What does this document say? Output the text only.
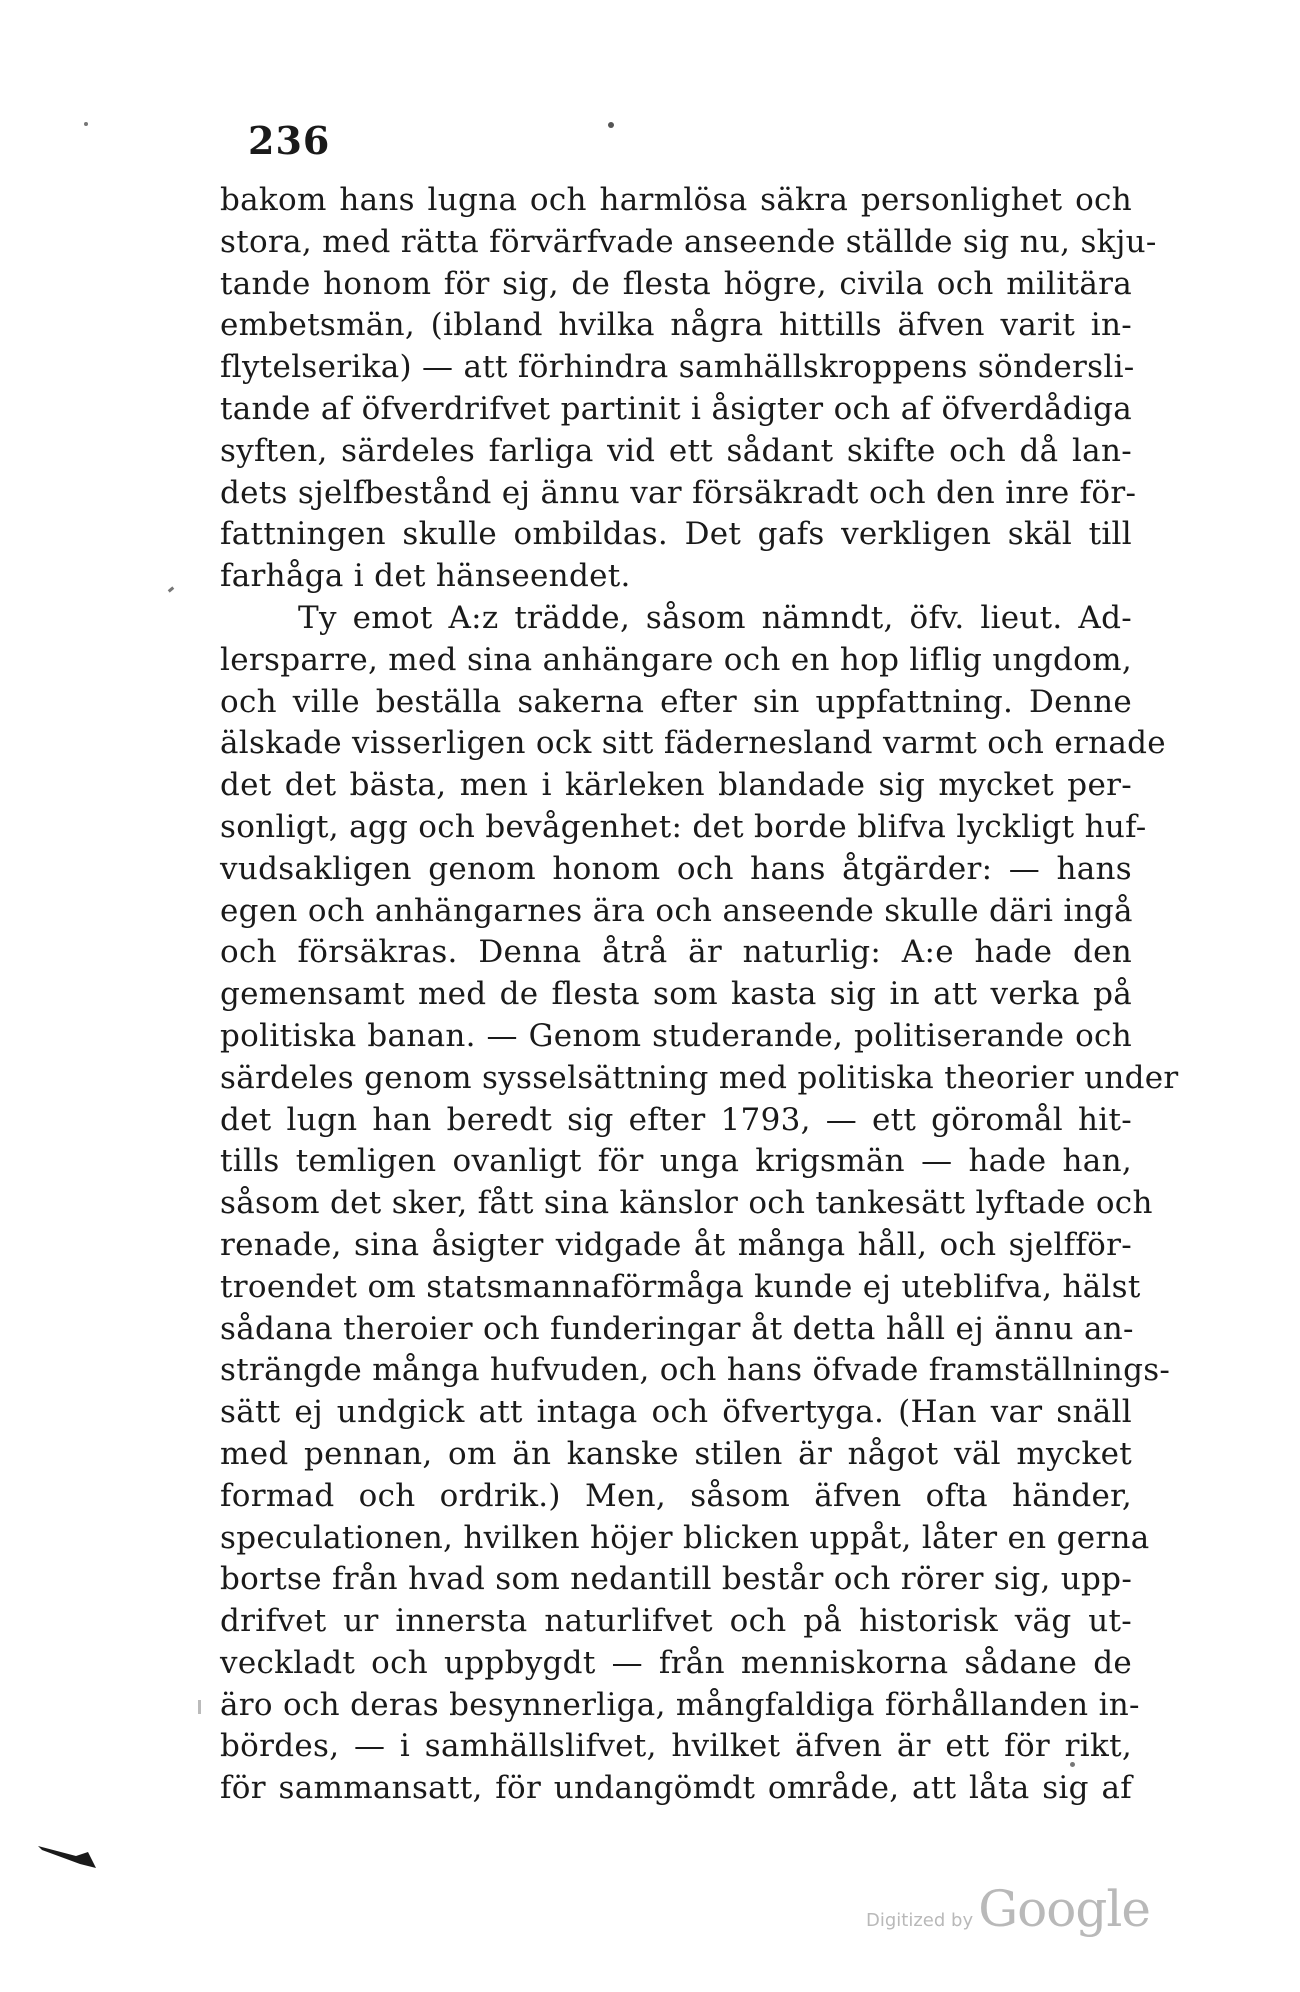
236
bakom hans lugna och harmlösa säkra personlighet och
stora, med rätta förvärfvade anseende ställde sig nu, skju-
tande honom för sig, de flesta högre, civila och militära
embetsmän, (ibland hvilka några hittills äfven varit in-
flytelserika) — att förhindra samhällskroppens söndersli-
tande af öfverdrifvet partinit i åsigter och af öfverdådiga
syften, särdeles farliga vid ett sådant skifte och då lan-
dets sjelfbestånd ej ännu var försäkradt och den inre för-
fattningen skulle ombildas. Det gafs verkligen skäl till
farhåga i det hänseendet.
Ty emot A:z trädde, såsom nämndt, öfv. lieut. Ad-
lersparre, med sina anhängare och en hop liflig ungdom,
och ville beställa sakerna efter sin uppfattning. Denne
älskade visserligen ock sitt fädernesland varmt och ernade
det det bästa, men i kärleken blandade sig mycket per-
sonligt, agg och bevågenhet: det borde blifva lyckligt huf-
vudsakligen genom honom och hans åtgärder: — hans
egen och anhängarnes ära och anseende skulle däri ingå
och försäkras. Denna åtrå är naturlig: A:e hade den
gemensamt med de flesta som kasta sig in att verka på
politiska banan. — Genom studerande, politiserande och
särdeles genom sysselsättning med politiska theorier under
det lugn han beredt sig efter 1793, — ett göromål hit-
tills temligen ovanligt för unga krigsmän — hade han,
såsom det sker, fått sina känslor och tankesätt lyftade och
renade, sina åsigter vidgade åt många håll, och sjelfför-
troendet om statsmannaförmåga kunde ej uteblifva, hälst
sådana theroier och funderingar åt detta håll ej ännu an-
strängde många hufvuden, och hans öfvade framställnings-
sätt ej undgick att intaga och öfvertyga. (Han var snäll
med pennan, om än kanske stilen är något väl mycket
formad och ordrik.) Men, såsom äfven ofta händer,
speculationen, hvilken höjer blicken uppåt, låter en gerna
bortse från hvad som nedantill består och rörer sig, upp-
drifvet ur innersta naturlifvet och på historisk väg ut-
veckladt och uppbygdt — från menniskorna sådane de
äro och deras besynnerliga, mångfaldiga förhållanden in-
bördes, — i samhällslifvet, hvilket äfven är ett för rikt,
för sammansatt, för undangömdt område, att låta sig af
Digitized by Google
